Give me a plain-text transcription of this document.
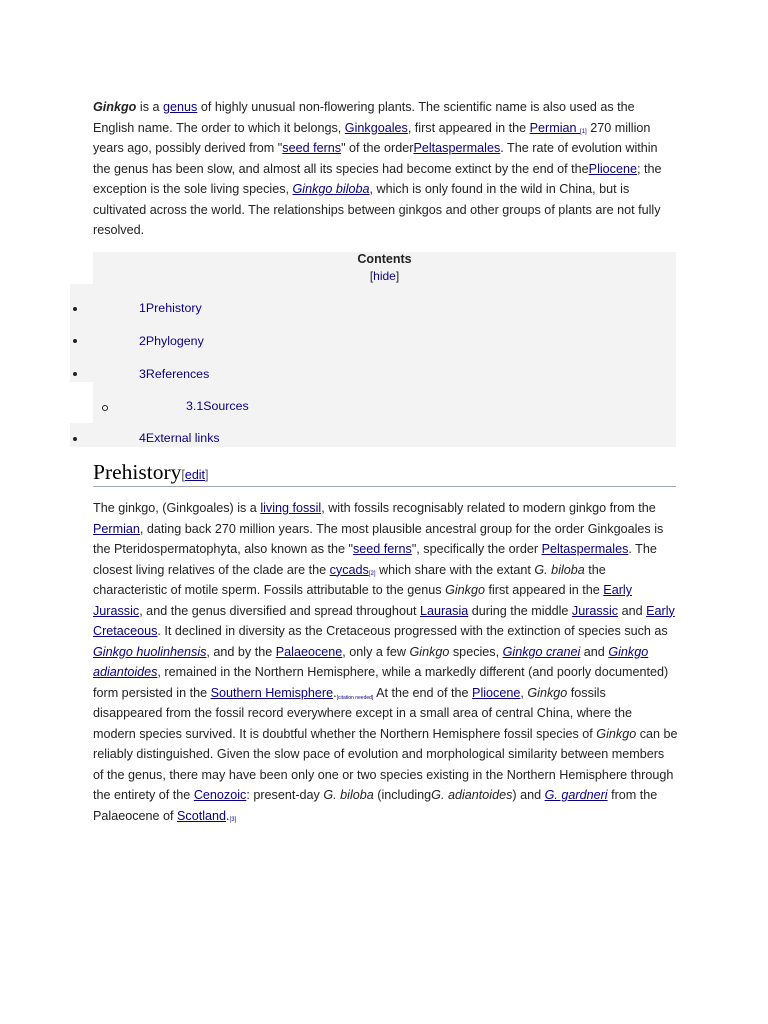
Ginkgo is a genus of highly unusual non-flowering plants. The scientific name is also used as the English name. The order to which it belongs, Ginkgoales, first appeared in the Permian [1] 270 million years ago, possibly derived from "seed ferns" of the orderPeltaspermales. The rate of evolution within the genus has been slow, and almost all its species had become extinct by the end of thePliocene; the exception is the sole living species, Ginkgo biloba, which is only found in the wild in China, but is cultivated across the world. The relationships between ginkgos and other groups of plants are not fully resolved.

Contents
[hide]
1Prehistory
2Phylogeny
3References
3.1Sources
4External links
Prehistory[edit]

The ginkgo, (Ginkgoales) is a living fossil, with fossils recognisably related to modern ginkgo from the Permian, dating back 270 million years. The most plausible ancestral group for the order Ginkgoales is the Pteridospermatophyta, also known as the "seed ferns", specifically the order Peltaspermales. The closest living relatives of the clade are the cycads[2] which share with the extant G. biloba the characteristic of motile sperm. Fossils attributable to the genus Ginkgo first appeared in the Early Jurassic, and the genus diversified and spread throughout Laurasia during the middle Jurassic and Early Cretaceous. It declined in diversity as the Cretaceous progressed with the extinction of species such as Ginkgo huolinhensis, and by the Palaeocene, only a few Ginkgo species, Ginkgo cranei and Ginkgo adiantoides, remained in the Northern Hemisphere, while a markedly different (and poorly documented) form persisted in the Southern Hemisphere.[citation needed] At the end of the Pliocene, Ginkgo fossils disappeared from the fossil record everywhere except in a small area of central China, where the modern species survived. It is doubtful whether the Northern Hemisphere fossil species of Ginkgo can be reliably distinguished. Given the slow pace of evolution and morphological similarity between members of the genus, there may have been only one or two species existing in the Northern Hemisphere through the entirety of the Cenozoic: present-day G. biloba (includingG. adiantoides) and G. gardneri from the Palaeocene of Scotland.[3]
